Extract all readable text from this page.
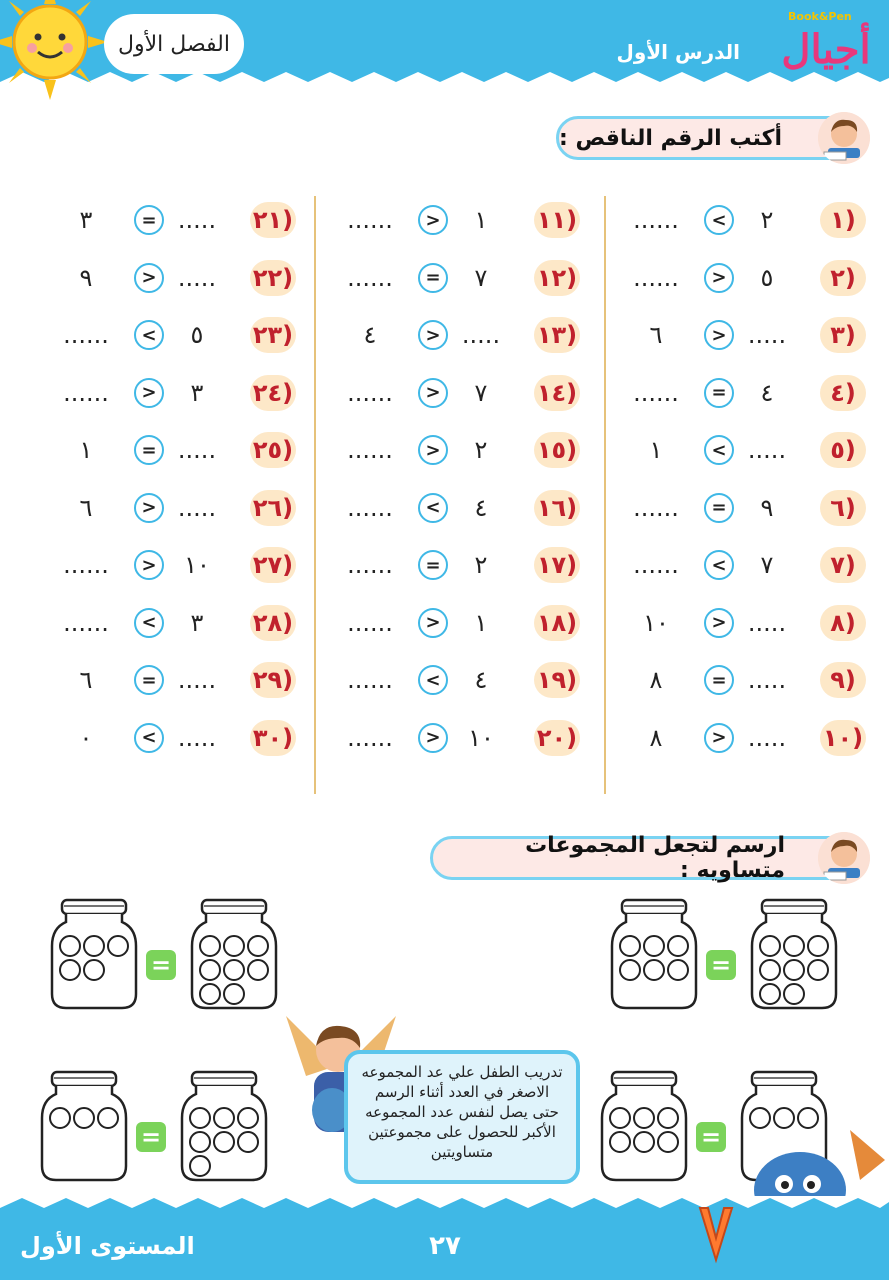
الفصل الأول	الدرس الأول أجيال
Book&Pen
أكتب الرقم الناقص :
١)
٢
<
......
٢)
٥
>
......
٣)
.....
>
٦
٤)
٤
=
......
٥)
.....
<
١
٦)
٩
=
......
٧)
٧
<
......
٨)
.....
>
١٠
٩)
.....
=
٨
١٠)
.....
>
٨
١١)
١
>
......
١٢)
٧
=
......
١٣)
.....
>
٤
١٤)
٧
>
......
١٥)
٢
>
......
١٦)
٤
<
......
١٧)
٢
=
......
١٨)
١
>
......
١٩)
٤
<
......
٢٠)
١٠
>
......
٢١)
.....
=
٣
٢٢)
.....
>
٩
٢٣)
٥
<
......
٢٤)
٣
>
......
٢٥)
.....
=
١
٢٦)
.....
>
٦
٢٧)
١٠
>
......
٢٨)
٣
<
......
٢٩)
.....
=
٦
٣٠)
.....
<
٠
ارسم لتجعل المجموعات متساويه :
=
=
=
=
تدريب الطفل علي عد المجموعه الاصغر في العدد أثناء الرسم حتى يصل لنفس عدد المجموعه الأكبر للحصول على مجموعتين متساويتين
المستوى الأول	٢٧
